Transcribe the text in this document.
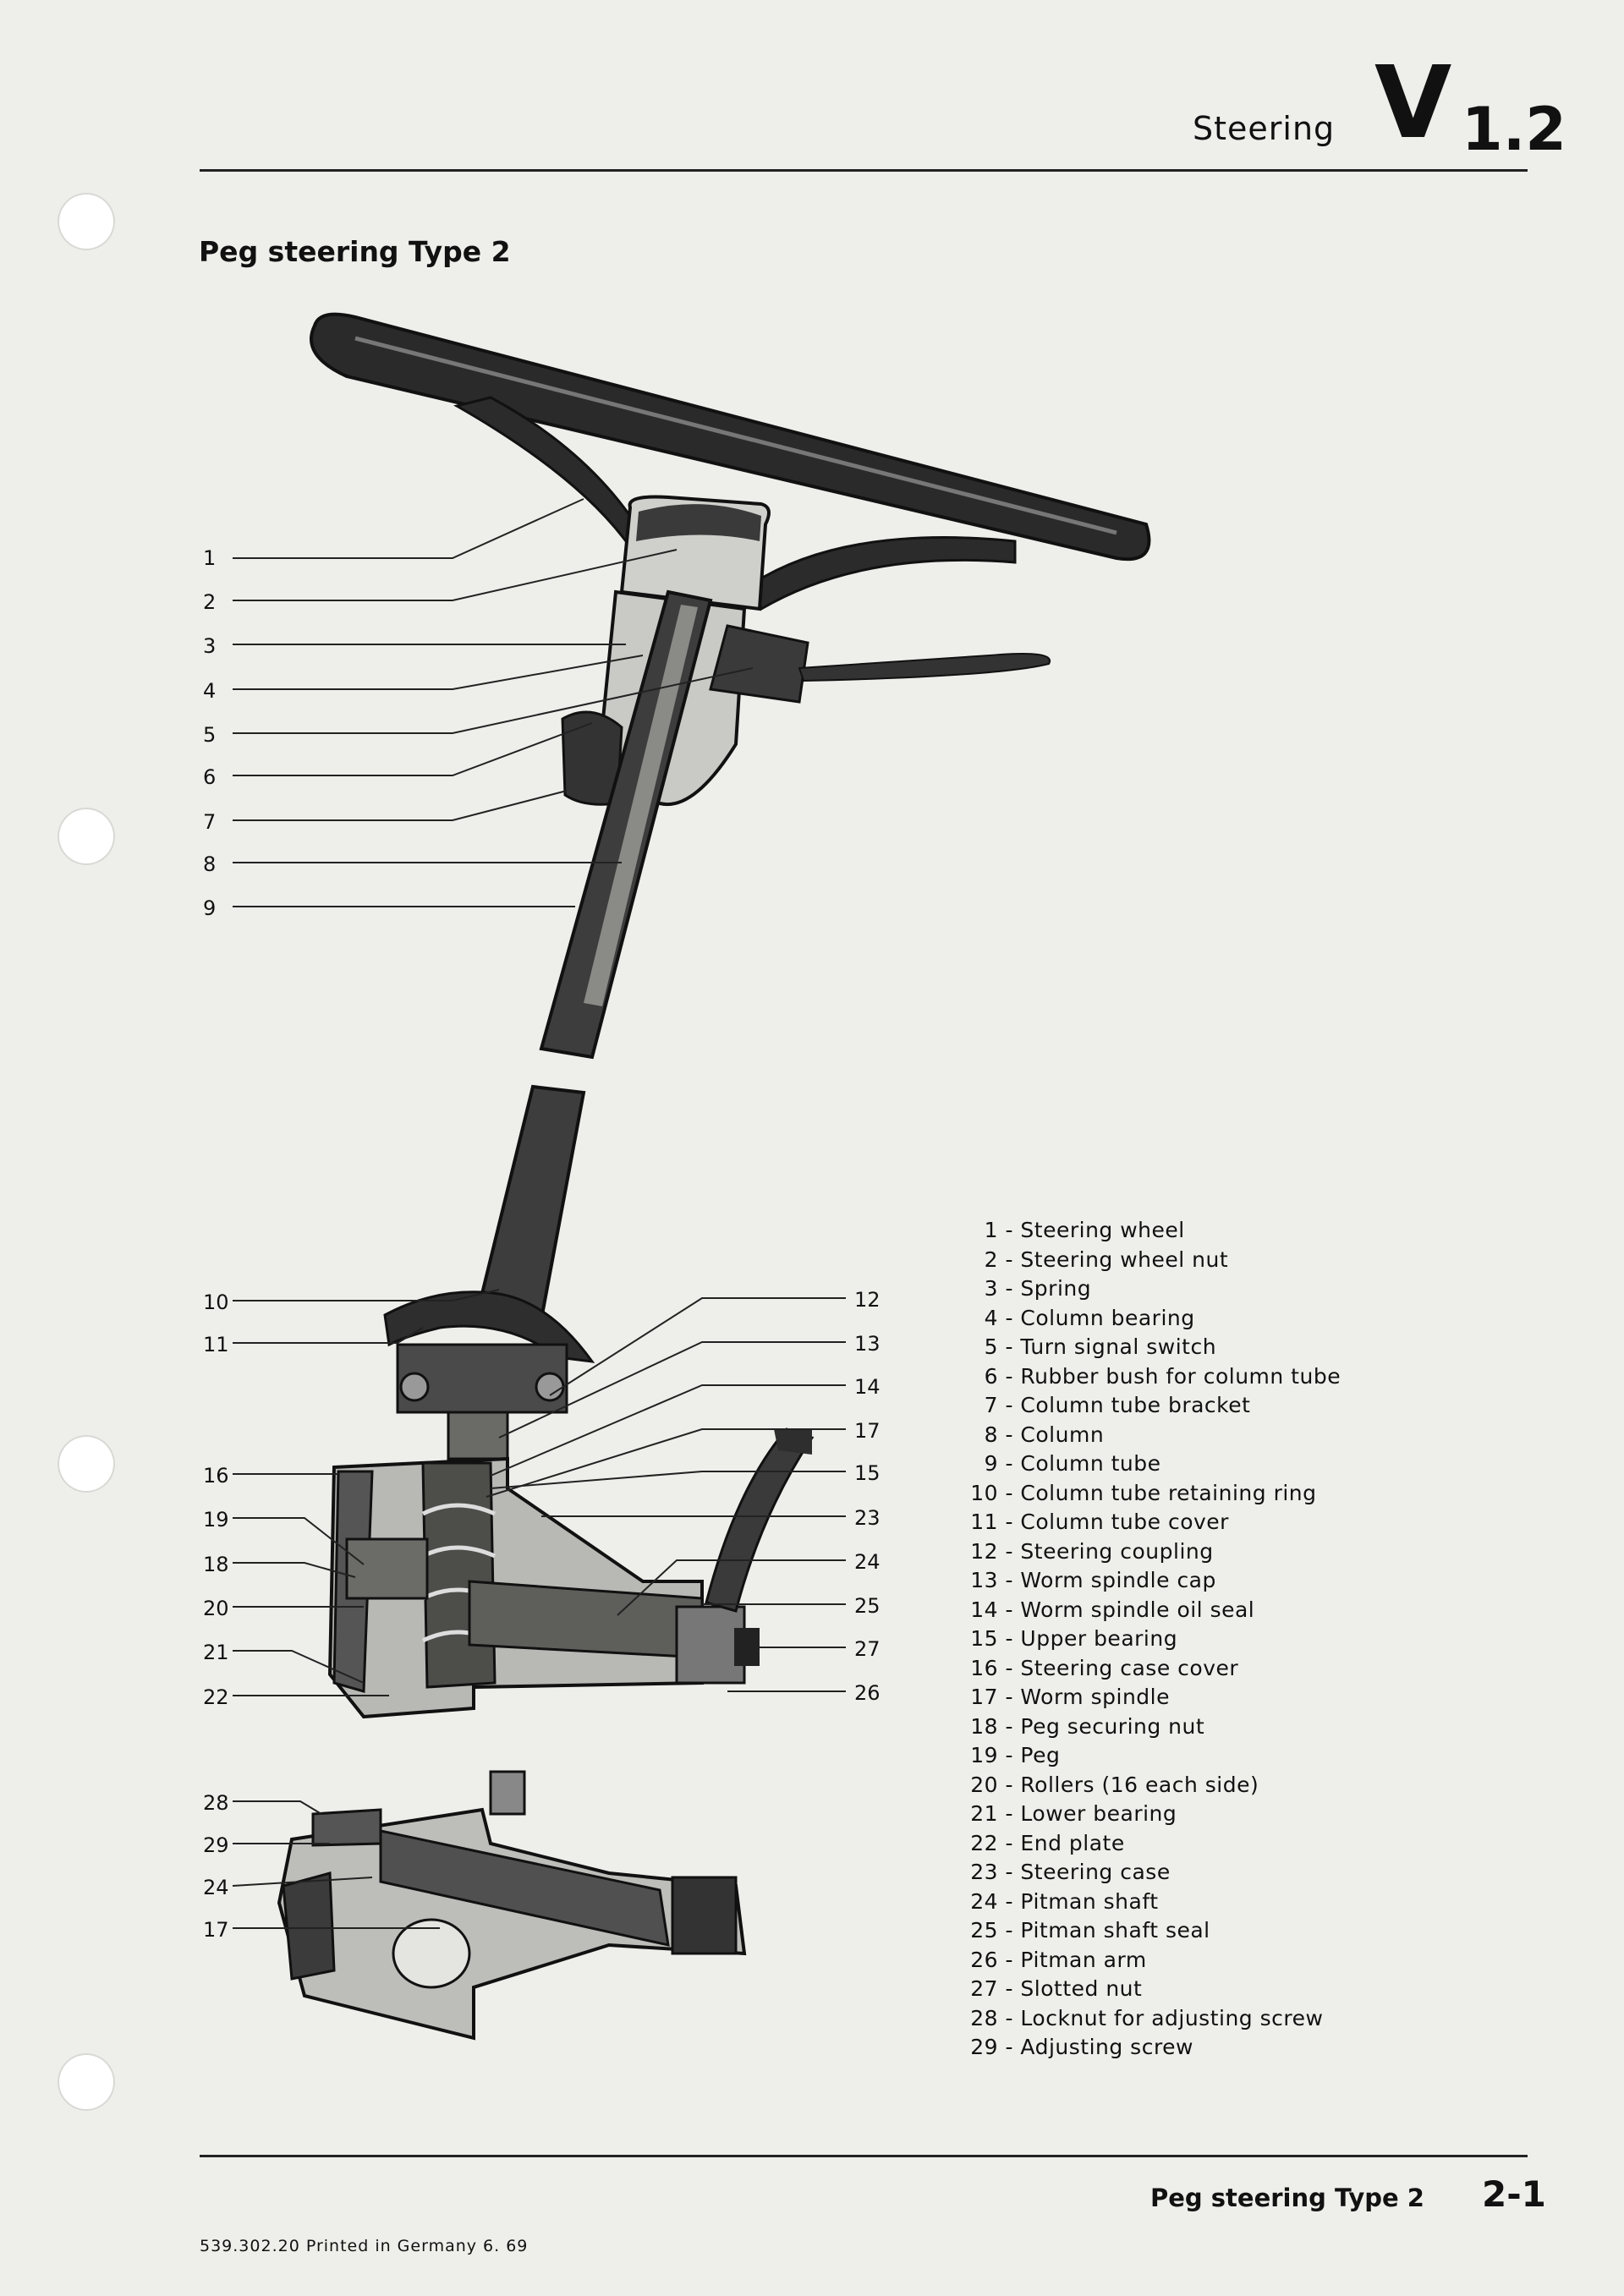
Steering V 1.2
Peg steering Type 2
1
2
3
4
5
6
7
8
9
10
11
16
19
18
20
21
22
28
29
24
17
12
13
14
17
15
23
24
25
27
26
1 - Steering wheel
2 - Steering wheel nut
3 - Spring
4 - Column bearing
5 - Turn signal switch
6 - Rubber bush for column tube
7 - Column tube bracket
8 - Column
9 - Column tube
10 - Column tube retaining ring
11 - Column tube cover
12 - Steering coupling
13 - Worm spindle cap
14 - Worm spindle oil seal
15 - Upper bearing
16 - Steering case cover
17 - Worm spindle
18 - Peg securing nut
19 - Peg
20 - Rollers (16 each side)
21 - Lower bearing
22 - End plate
23 - Steering case
24 - Pitman shaft
25 - Pitman shaft seal
26 - Pitman arm
27 - Slotted nut
28 - Locknut for adjusting screw
29 - Adjusting screw
Peg steering Type 2 2-1
539.302.20 Printed in Germany 6. 69
